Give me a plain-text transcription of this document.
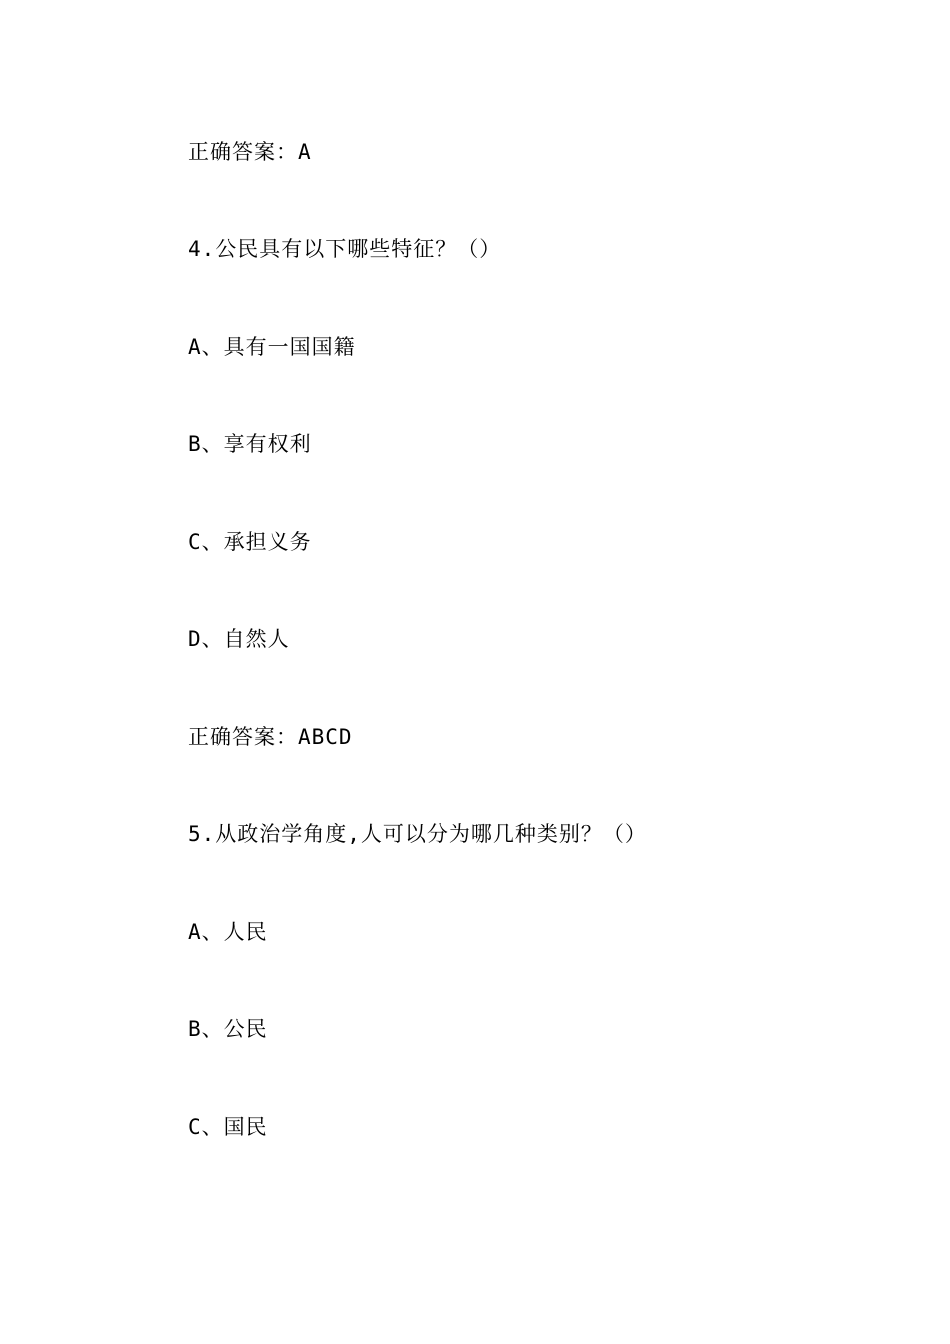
正确答案：A
4.公民具有以下哪些特征？（）
A、具有一国国籍
B、享有权利
C、承担义务
D、自然人
正确答案：ABCD
5.从政治学角度,人可以分为哪几种类别？（）
A、人民
B、公民
C、国民
